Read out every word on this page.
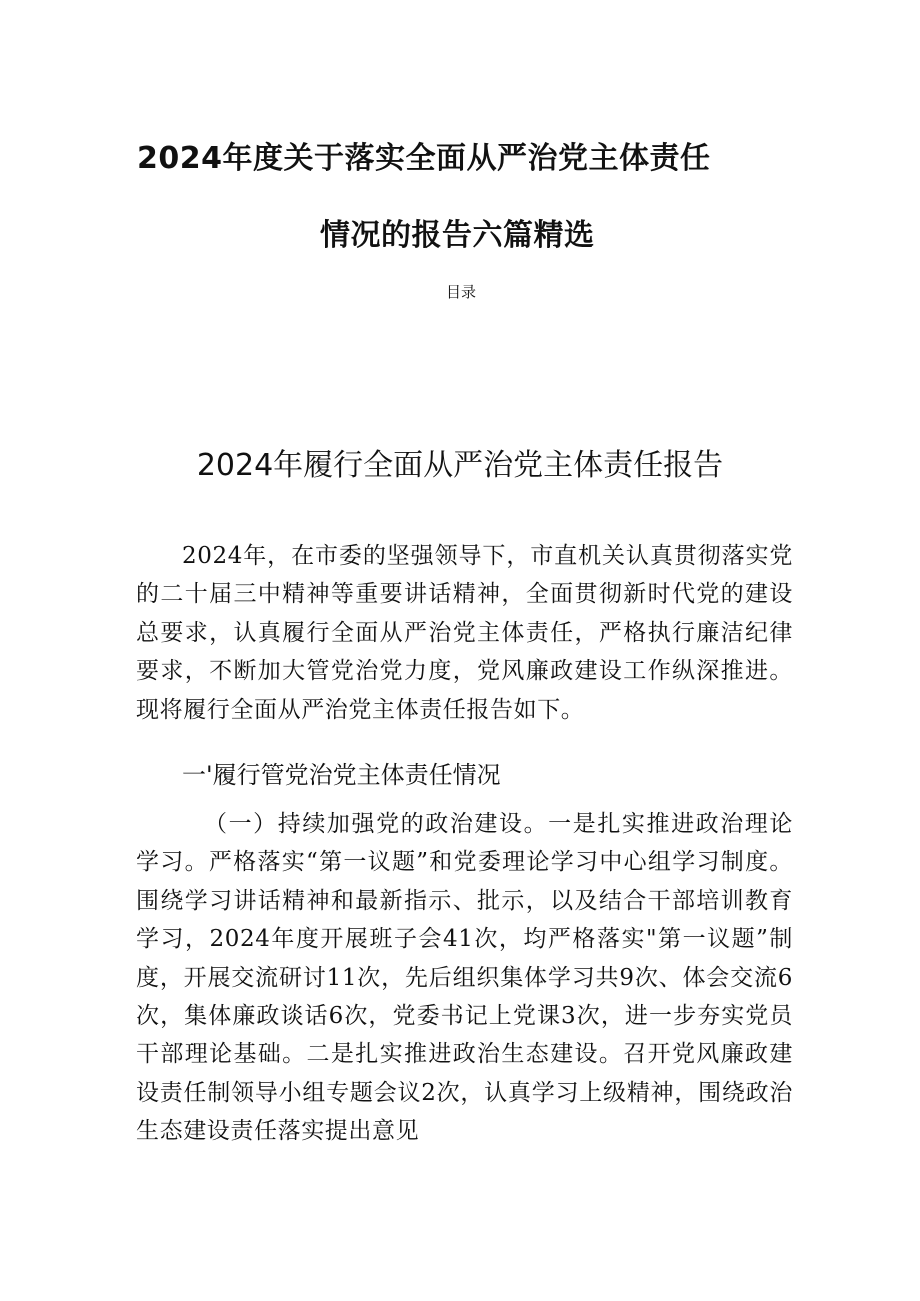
2024年度关于落实全面从严治党主体责任
情况的报告六篇精选

目录

2024年履行全面从严治党主体责任报告

2024年，在市委的坚强领导下，市直机关认真贯彻落实党的二十届三中精神等重要讲话精神，全面贯彻新时代党的建设总要求，认真履行全面从严治党主体责任，严格执行廉洁纪律要求，不断加大管党治党力度，党风廉政建设工作纵深推进。现将履行全面从严治党主体责任报告如下。

一'履行管党治党主体责任情况

（一）持续加强党的政治建设。一是扎实推进政治理论学习。严格落实“第一议题”和党委理论学习中心组学习制度。围绕学习讲话精神和最新指示、批示，以及结合干部培训教育学习，2024年度开展班子会41次，均严格落实"第一议题”制度，开展交流研讨11次，先后组织集体学习共9次、体会交流6次，集体廉政谈话6次，党委书记上党课3次，进一步夯实党员干部理论基础。二是扎实推进政治生态建设。召开党风廉政建设责任制领导小组专题会议2次，认真学习上级精神，围绕政治生态建设责任落实提出意见
